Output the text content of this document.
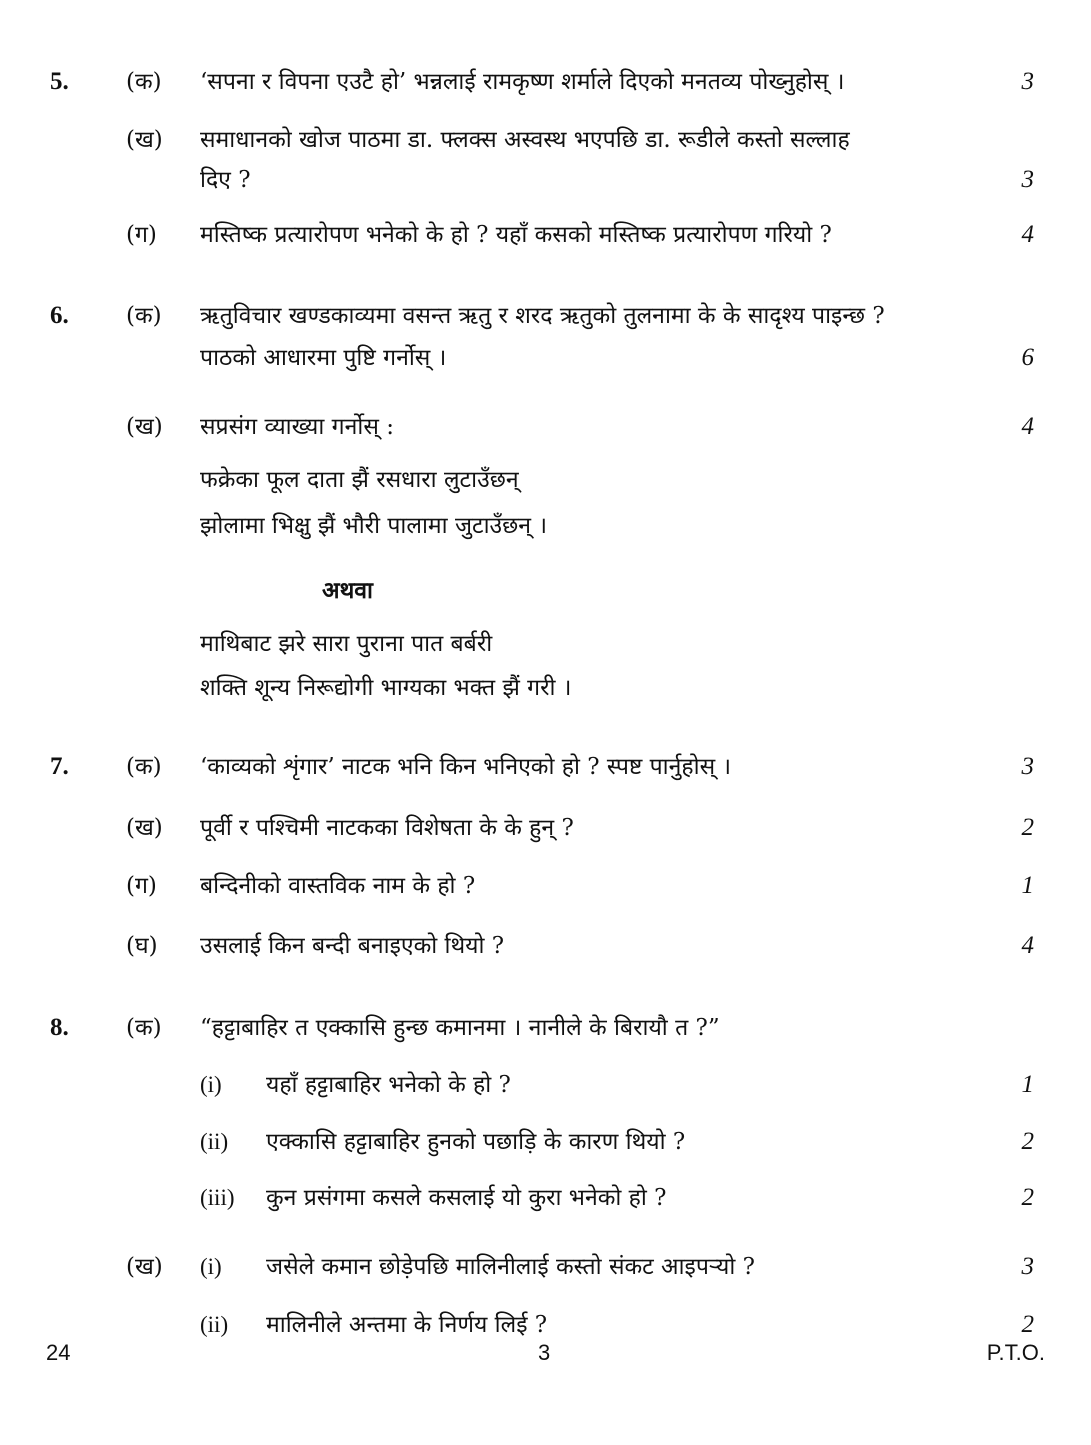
5. (क) ‘सपना र विपना एउटै हो’ भन्नलाई रामकृष्ण शर्माले दिएको मनतव्य पोख्नुहोस् ।	3
(ख) समाधानको खोज पाठमा डा. फ्लक्स अस्वस्थ भएपछि डा. रूडीले कस्तो सल्लाह
दिए ?	3
(ग) मस्तिष्क प्रत्यारोपण भनेको के हो ? यहाँ कसको मस्तिष्क प्रत्यारोपण गरियो ?	4
6. (क) ऋतुविचार खण्डकाव्यमा वसन्त ऋतु र शरद ऋतुको तुलनामा के के सादृश्य पाइन्छ ?
पाठको आधारमा पुष्टि गर्नोस् ।	6
(ख) सप्रसंग व्याख्या गर्नोस् :	4
फक्रेका फूल दाता झैं रसधारा लुटाउँछन्
झोलामा भिक्षु झैं भौरी पालामा जुटाउँछन् ।
अथवा
माथिबाट झरे सारा पुराना पात बर्बरी
शक्ति शून्य निरूद्योगी भाग्यका भक्त झैं गरी ।
7. (क) ‘काव्यको शृंगार’ नाटक भनि किन भनिएको हो ? स्पष्ट पार्नुहोस् ।	3
(ख) पूर्वी र पश्चिमी नाटकका विशेषता के के हुन् ?	2
(ग) बन्दिनीको वास्तविक नाम के हो ?	1
(घ) उसलाई किन बन्दी बनाइएको थियो ?	4
8. (क) “हट्टाबाहिर त एक्कासि हुन्छ कमानमा । नानीले के बिरायौ त ?”
(i) यहाँ हट्टाबाहिर भनेको के हो ?	1
(ii) एक्कासि हट्टाबाहिर हुनको पछाड़ि के कारण थियो ?	2
(iii) कुन प्रसंगमा कसले कसलाई यो कुरा भनेको हो ?	2
(ख) (i) जसेले कमान छोड़ेपछि मालिनीलाई कस्तो संकट आइपऱ्यो ?	3
(ii) मालिनीले अन्तमा के निर्णय लिई ?	2
24	3	P.T.O.
